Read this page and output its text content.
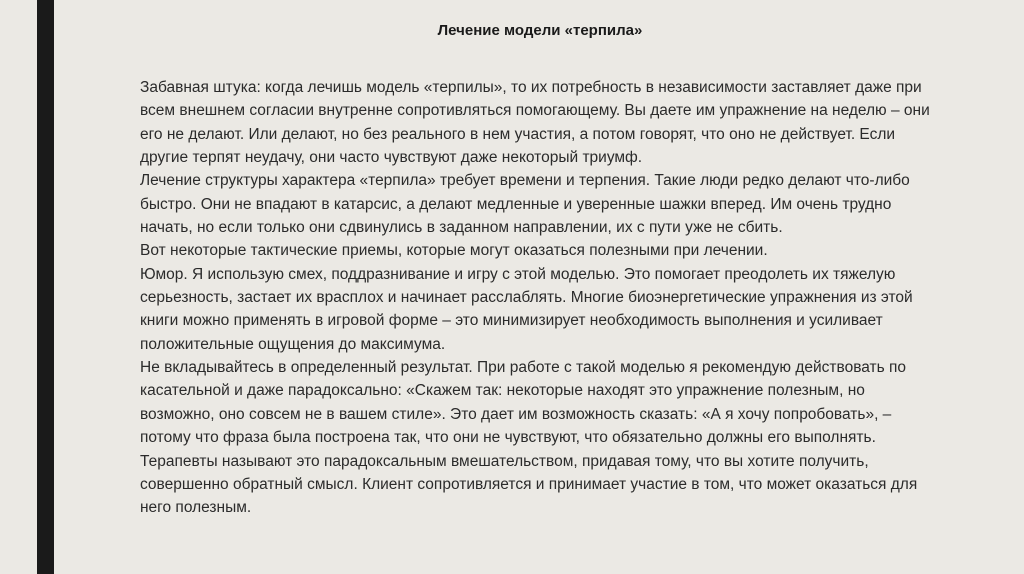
Лечение модели «терпила»

Забавная штука: когда лечишь модель «терпилы», то их потребность в независимости заставляет даже при всем внешнем согласии внутренне сопротивляться помогающему. Вы даете им упражнение на неделю – они его не делают. Или делают, но без реального в нем участия, а потом говорят, что оно не действует. Если другие терпят неудачу, они часто чувствуют даже некоторый триумф.

Лечение структуры характера «терпила» требует времени и терпения. Такие люди редко делают что-либо быстро. Они не впадают в катарсис, а делают медленные и уверенные шажки вперед. Им очень трудно начать, но если только они сдвинулись в заданном направлении, их с пути уже не сбить.

Вот некоторые тактические приемы, которые могут оказаться полезными при лечении.

Юмор. Я использую смех, поддразнивание и игру с этой моделью. Это помогает преодолеть их тяжелую серьезность, застает их врасплох и начинает расслаблять. Многие биоэнергетические упражнения из этой книги можно применять в игровой форме – это минимизирует необходимость выполнения и усиливает положительные ощущения до максимума.

Не вкладывайтесь в определенный результат. При работе с такой моделью я рекомендую действовать по касательной и даже парадоксально: «Скажем так: некоторые находят это упражнение полезным, но возможно, оно совсем не в вашем стиле». Это дает им возможность сказать: «А я хочу попробовать», – потому что фраза была построена так, что они не чувствуют, что обязательно должны его выполнять. Терапевты называют это парадоксальным вмешательством, придавая тому, что вы хотите получить, совершенно обратный смысл. Клиент сопротивляется и принимает участие в том, что может оказаться для него полезным.
